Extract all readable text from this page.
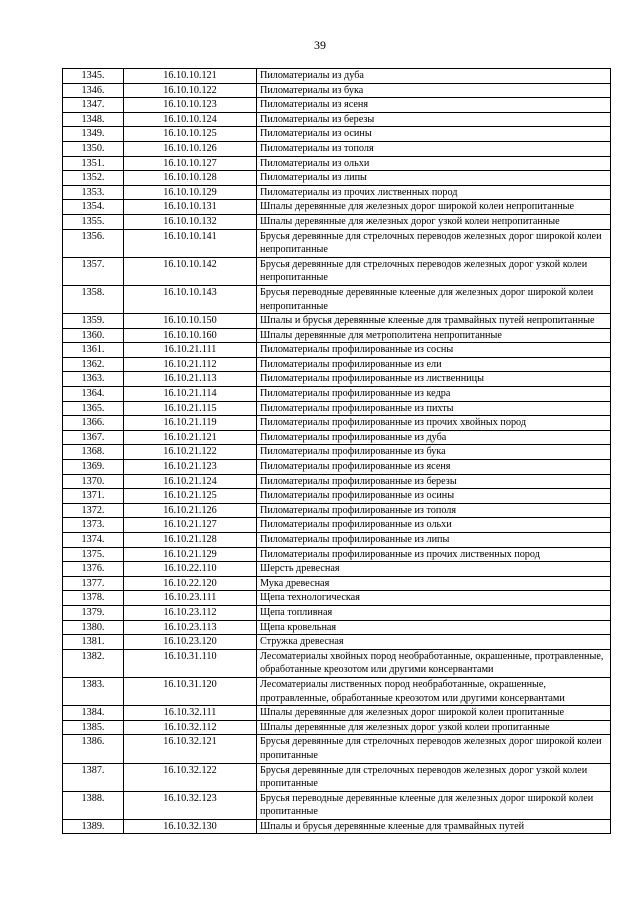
39
1345.	16.10.10.121	Пиломатериалы из дуба
1346.	16.10.10.122	Пиломатериалы из бука
1347.	16.10.10.123	Пиломатериалы из ясеня
1348.	16.10.10.124	Пиломатериалы из березы
1349.	16.10.10.125	Пиломатериалы из осины
1350.	16.10.10.126	Пиломатериалы из тополя
1351.	16.10.10.127	Пиломатериалы из ольхи
1352.	16.10.10.128	Пиломатериалы из липы
1353.	16.10.10.129	Пиломатериалы из прочих лиственных пород
1354.	16.10.10.131	Шпалы деревянные для железных дорог широкой колеи непропитанные
1355.	16.10.10.132	Шпалы деревянные для железных дорог узкой колеи непропитанные
1356.	16.10.10.141	Брусья деревянные для стрелочных переводов железных дорог широкой колеи непропитанные
1357.	16.10.10.142	Брусья деревянные для стрелочных переводов железных дорог узкой колеи непропитанные
1358.	16.10.10.143	Брусья переводные деревянные клееные для железных дорог широкой колеи непропитанные
1359.	16.10.10.150	Шпалы и брусья деревянные клееные для трамвайных путей непропитанные
1360.	16.10.10.160	Шпалы деревянные для метрополитена непропитанные
1361.	16.10.21.111	Пиломатериалы профилированные из сосны
1362.	16.10.21.112	Пиломатериалы профилированные из ели
1363.	16.10.21.113	Пиломатериалы профилированные из лиственницы
1364.	16.10.21.114	Пиломатериалы профилированные из кедра
1365.	16.10.21.115	Пиломатериалы профилированные из пихты
1366.	16.10.21.119	Пиломатериалы профилированные из прочих хвойных пород
1367.	16.10.21.121	Пиломатериалы профилированные из дуба
1368.	16.10.21.122	Пиломатериалы профилированные из бука
1369.	16.10.21.123	Пиломатериалы профилированные из ясеня
1370.	16.10.21.124	Пиломатериалы профилированные из березы
1371.	16.10.21.125	Пиломатериалы профилированные из осины
1372.	16.10.21.126	Пиломатериалы профилированные из тополя
1373.	16.10.21.127	Пиломатериалы профилированные из ольхи
1374.	16.10.21.128	Пиломатериалы профилированные из липы
1375.	16.10.21.129	Пиломатериалы профилированные из прочих лиственных пород
1376.	16.10.22.110	Шерсть древесная
1377.	16.10.22.120	Мука древесная
1378.	16.10.23.111	Щепа технологическая
1379.	16.10.23.112	Щепа топливная
1380.	16.10.23.113	Щепа кровельная
1381.	16.10.23.120	Стружка древесная
1382.	16.10.31.110	Лесоматериалы хвойных пород необработанные, окрашенные, протравленные, обработанные креозотом или другими консервантами
1383.	16.10.31.120	Лесоматериалы лиственных пород необработанные, окрашенные, протравленные, обработанные креозотом или другими консервантами
1384.	16.10.32.111	Шпалы деревянные для железных дорог широкой колеи пропитанные
1385.	16.10.32.112	Шпалы деревянные для железных дорог узкой колеи пропитанные
1386.	16.10.32.121	Брусья деревянные для стрелочных переводов железных дорог широкой колеи пропитанные
1387.	16.10.32.122	Брусья деревянные для стрелочных переводов железных дорог узкой колеи пропитанные
1388.	16.10.32.123	Брусья переводные деревянные клееные для железных дорог широкой колеи пропитанные
1389.	16.10.32.130	Шпалы и брусья деревянные клееные для трамвайных путей
